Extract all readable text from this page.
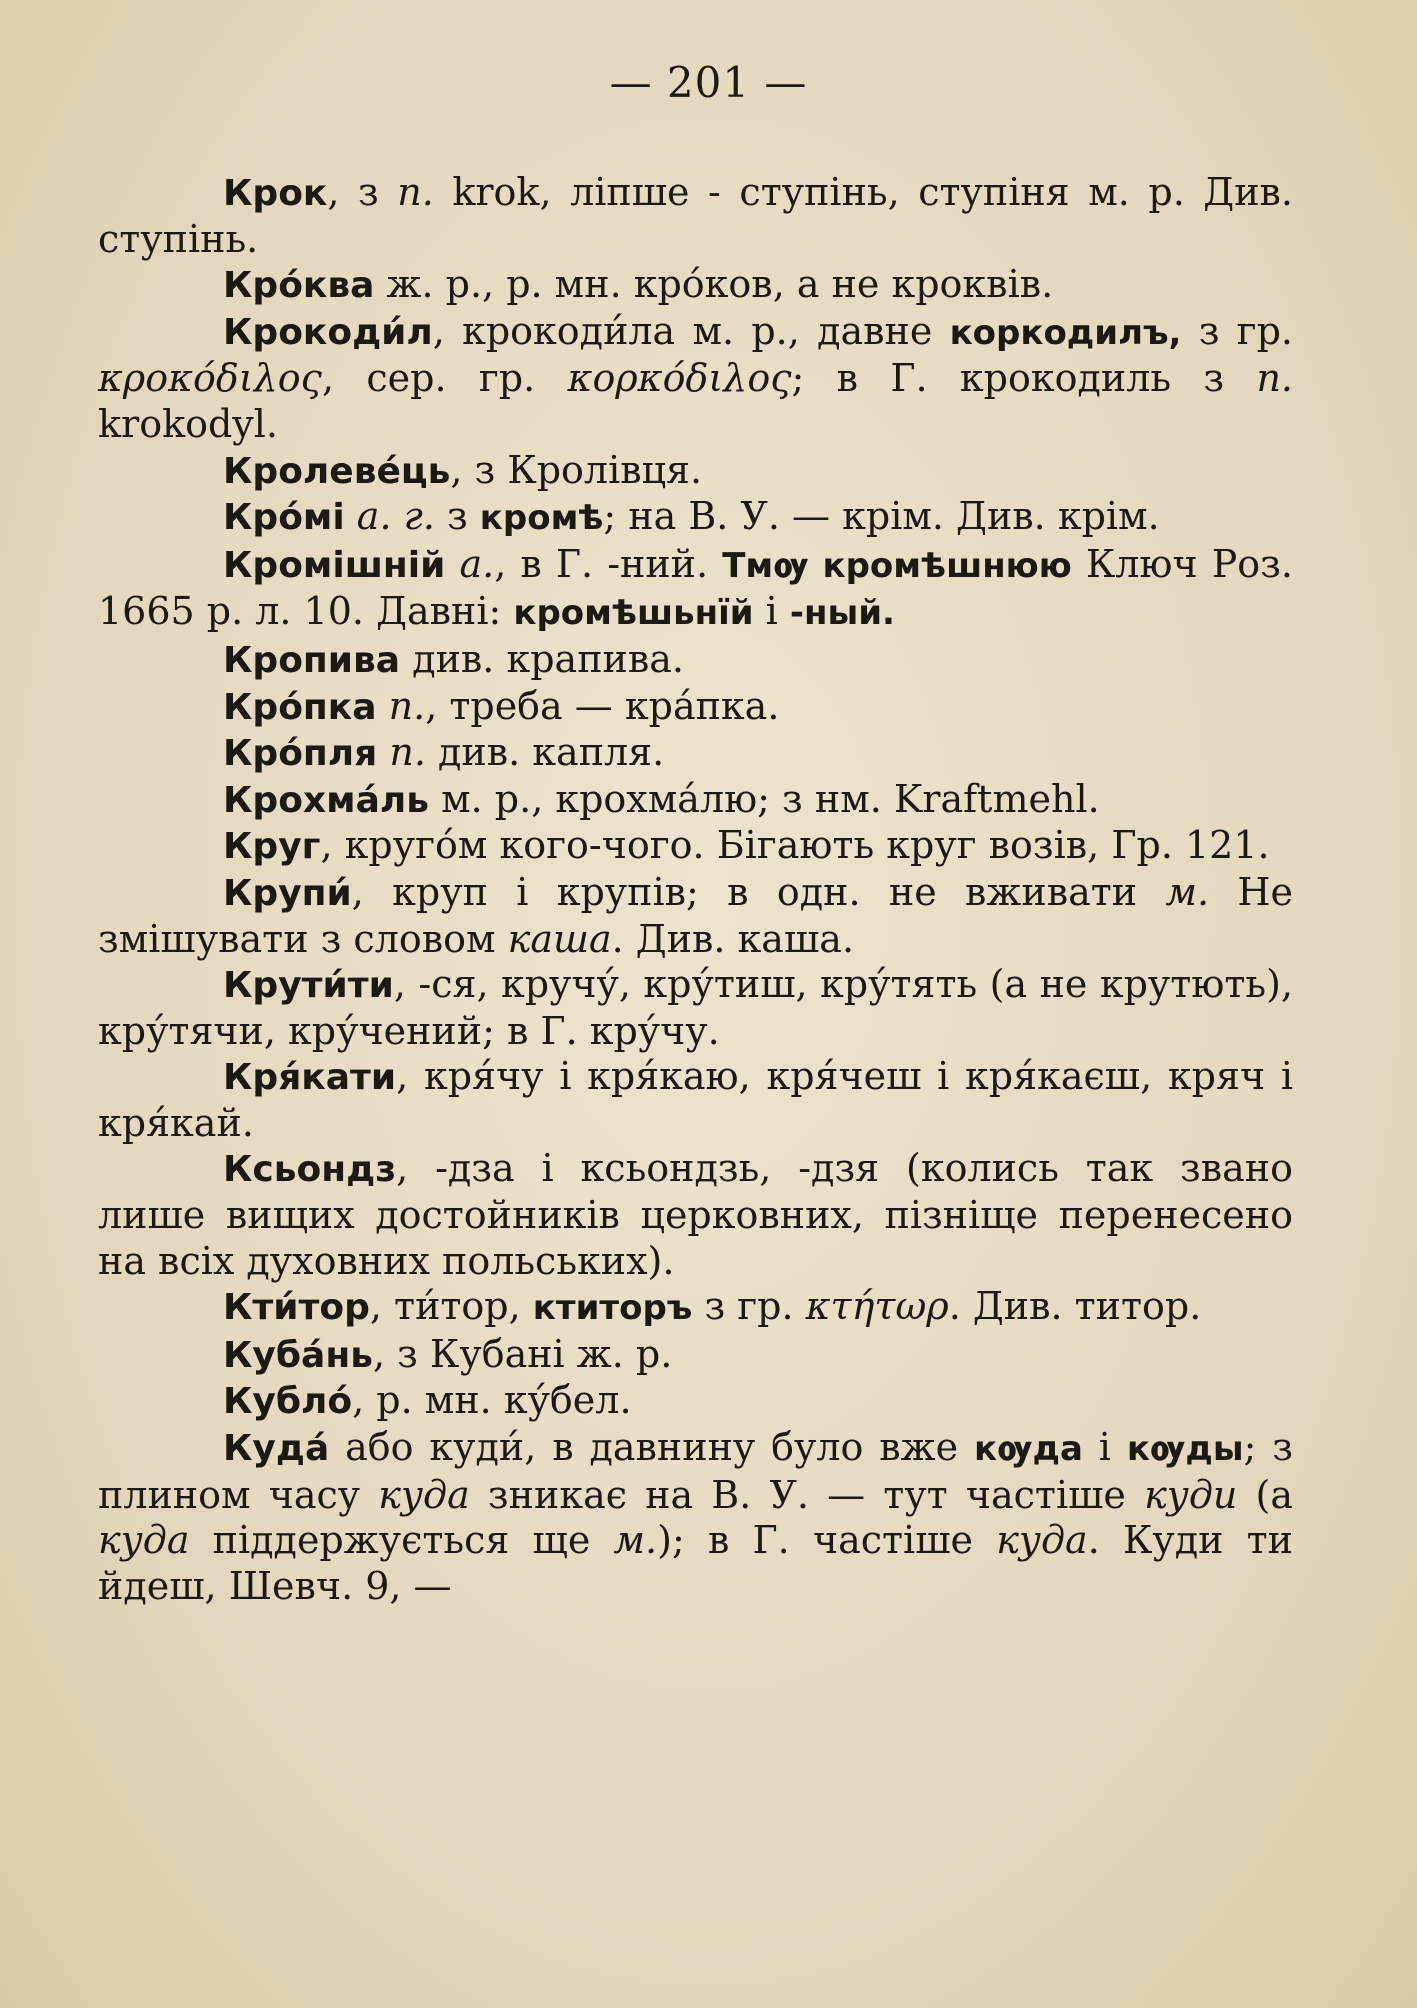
— 201 —

Крок, з п. krok, ліпше - ступінь, ступіня м. р. Див. ступінь.

Кро́ква ж. р., р. мн. кро́ков, а не кроквів.

Крокоди́л, крокоди́ла м. р., давне коркодилъ, з гр. κροκόδιλος, сер. гр. κορκόδιλος; в Г. крокодиль з п. krokodyl.

Кролеве́ць, з Кролівця.

Кро́мі а. г. з кромѣ; на В. У. — крім. Див. крім.

Кромішній а., в Г. -ний. Тмѹ кромѣшнюю Ключ Роз. 1665 р. л. 10. Давні: кромѣшьнїй і -ный.

Кропива див. крапива.

Кро́пка п., треба — кра́пка.

Кро́пля п. див. капля.

Крохма́ль м. р., крохма́лю; з нм. Kraftmehl.

Круг, круго́м кого-чого. Бігають круг возів, Гр. 121.

Крупи́, круп і крупів; в одн. не вживати м. Не змішувати з словом каша. Див. каша.

Крути́ти, -ся, кручу́, кру́тиш, кру́тять (а не крутють), кру́тячи, кру́чений; в Г. кру́чу.

Кря́кати, кря́чу і кря́каю, кря́чеш і кря́каєш, кряч і кря́кай.

Ксьондз, -дза і ксьондзь, -дзя (колись так звано лише вищих достойників церковних, пізніще перенесено на всіх духовних польських).

Кти́тор, ти́тор, ктиторъ з гр. κτήτωρ. Див. титор.

Куба́нь, з Кубані ж. р.

Кубло́, р. мн. ку́бел.

Куда́ або куди́, в давнину було вже кѹда і кѹды; з плином часу куда зникає на В. У. — тут частіше куди (а куда піддержується ще м.); в Г. частіше куда. Куди ти йдеш, Шевч. 9, —
